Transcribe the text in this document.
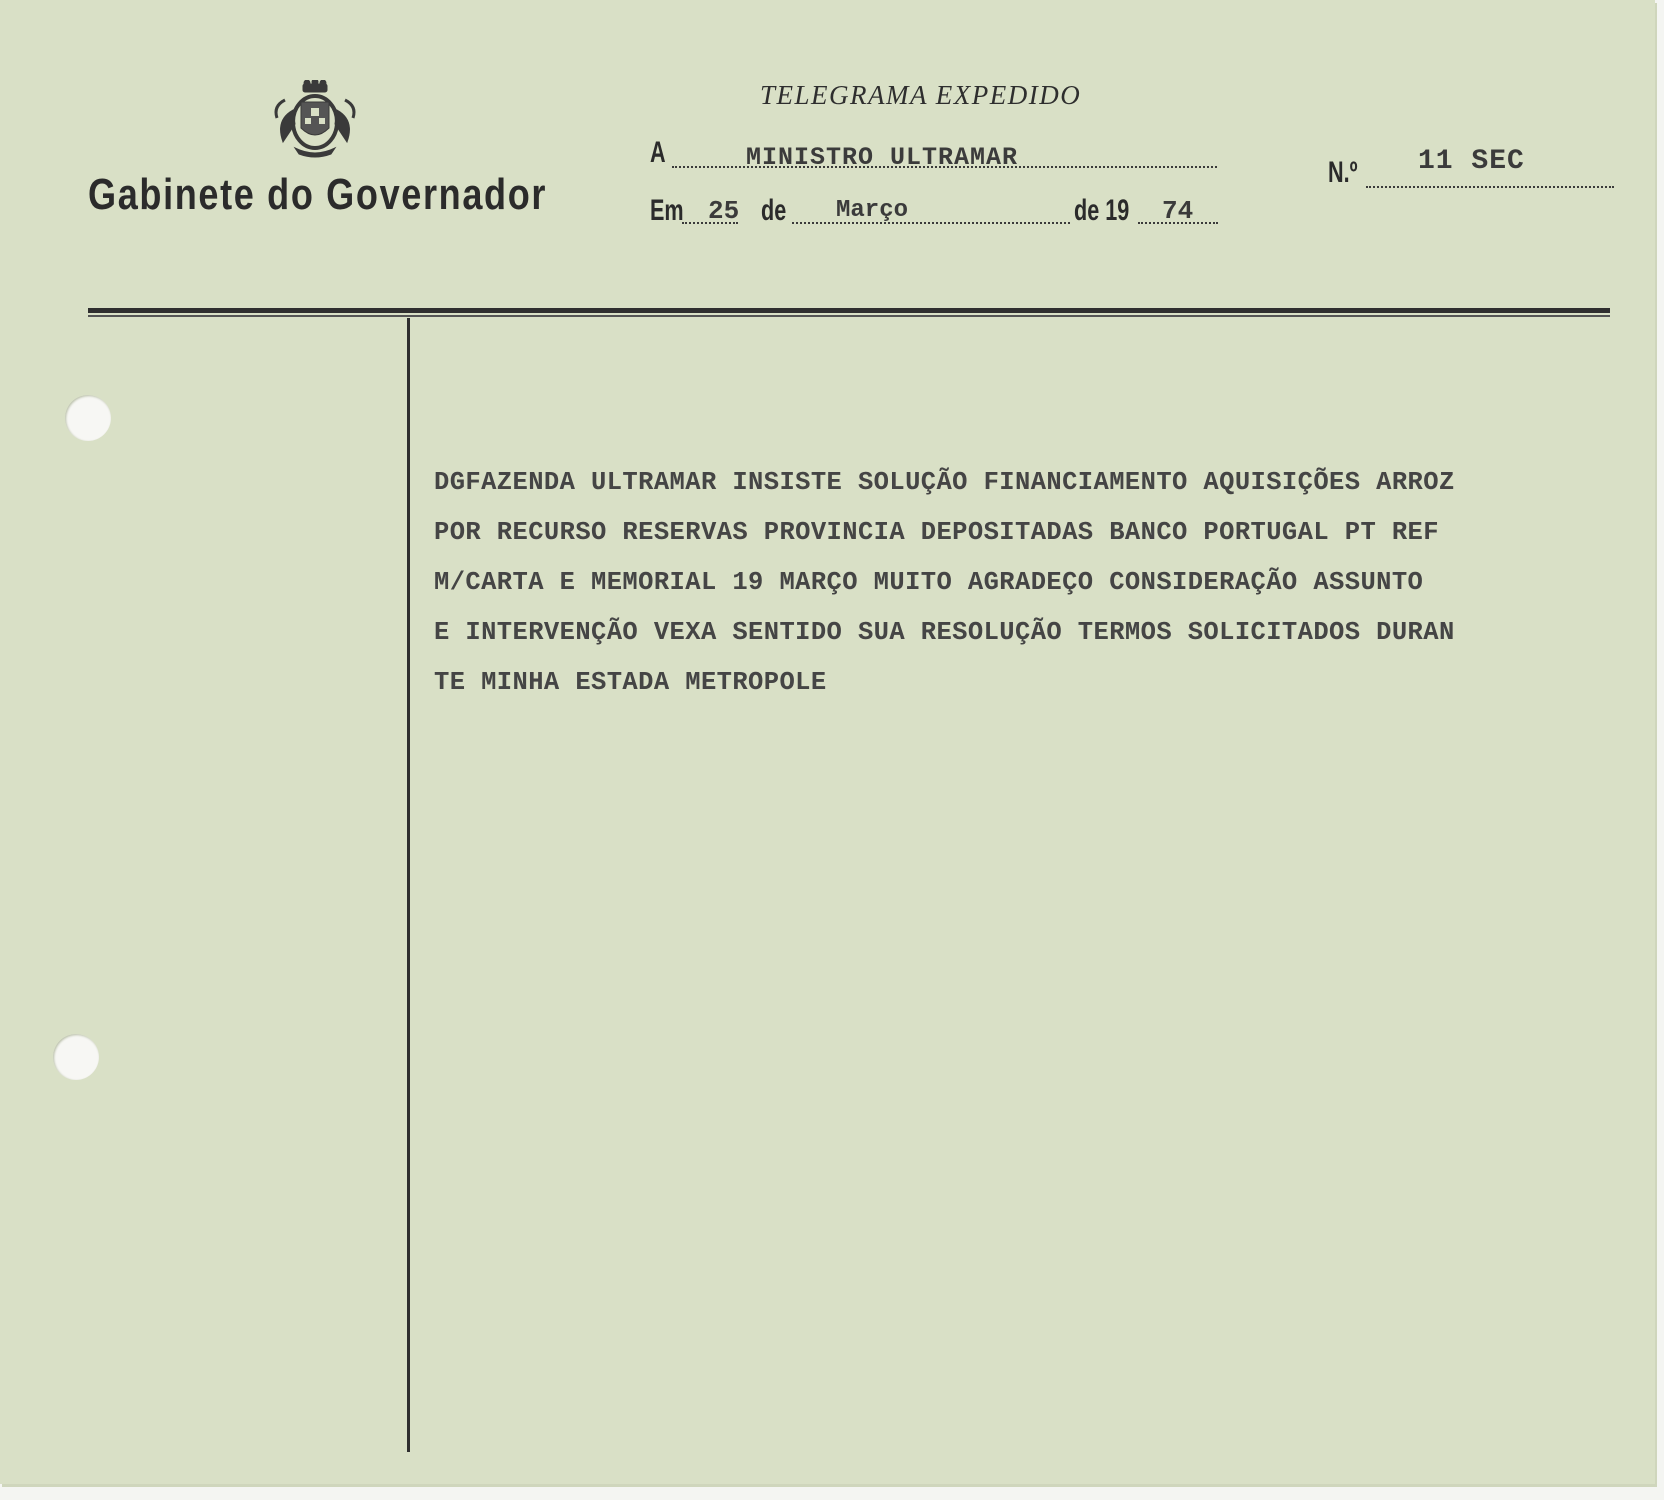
Gabinete do Governador
TELEGRAMA EXPEDIDO
A	MINISTRO ULTRAMAR
Em 25 de Março	de 19 74
N.º 11 SEC
DGFAZENDA ULTRAMAR INSISTE SOLUÇÃO FINANCIAMENTO AQUISIÇÕES ARROZ
POR RECURSO RESERVAS PROVINCIA DEPOSITADAS BANCO PORTUGAL PT REF
M/CARTA E MEMORIAL 19 MARÇO MUITO AGRADEÇO CONSIDERAÇÃO ASSUNTO
E INTERVENÇÃO VEXA SENTIDO SUA RESOLUÇÃO TERMOS SOLICITADOS DURAN
TE MINHA ESTADA METROPOLE
